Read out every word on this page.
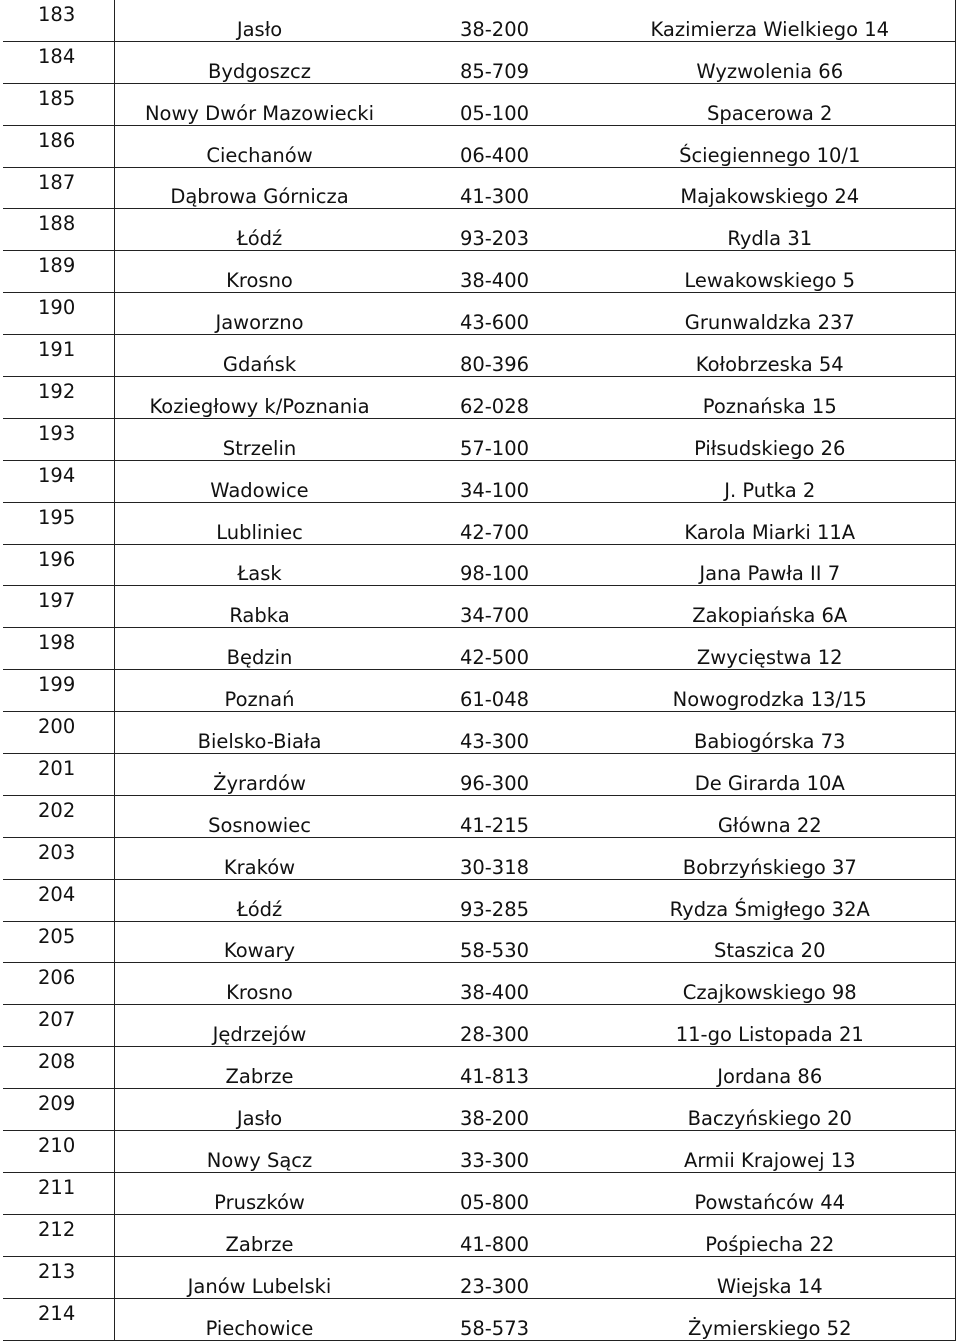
183	Jasło	38-200	Kazimierza Wielkiego 14
184	Bydgoszcz	85-709	Wyzwolenia 66
185	Nowy Dwór Mazowiecki	05-100	Spacerowa 2
186	Ciechanów	06-400	Ściegiennego 10/1
187	Dąbrowa Górnicza	41-300	Majakowskiego 24
188	Łódź	93-203	Rydla 31
189	Krosno	38-400	Lewakowskiego 5
190	Jaworzno	43-600	Grunwaldzka 237
191	Gdańsk	80-396	Kołobrzeska 54
192	Koziegłowy k/Poznania	62-028	Poznańska 15
193	Strzelin	57-100	Piłsudskiego 26
194	Wadowice	34-100	J. Putka 2
195	Lubliniec	42-700	Karola Miarki 11A
196	Łask	98-100	Jana Pawła II 7
197	Rabka	34-700	Zakopiańska 6A
198	Będzin	42-500	Zwycięstwa 12
199	Poznań	61-048	Nowogrodzka 13/15
200	Bielsko-Biała	43-300	Babiogórska 73
201	Żyrardów	96-300	De Girarda 10A
202	Sosnowiec	41-215	Główna 22
203	Kraków	30-318	Bobrzyńskiego 37
204	Łódź	93-285	Rydza Śmigłego 32A
205	Kowary	58-530	Staszica 20
206	Krosno	38-400	Czajkowskiego 98
207	Jędrzejów	28-300	11-go Listopada 21
208	Zabrze	41-813	Jordana 86
209	Jasło	38-200	Baczyńskiego 20
210	Nowy Sącz	33-300	Armii Krajowej 13
211	Pruszków	05-800	Powstańców 44
212	Zabrze	41-800	Pośpiecha 22
213	Janów Lubelski	23-300	Wiejska 14
214	Piechowice	58-573	Żymierskiego 52
